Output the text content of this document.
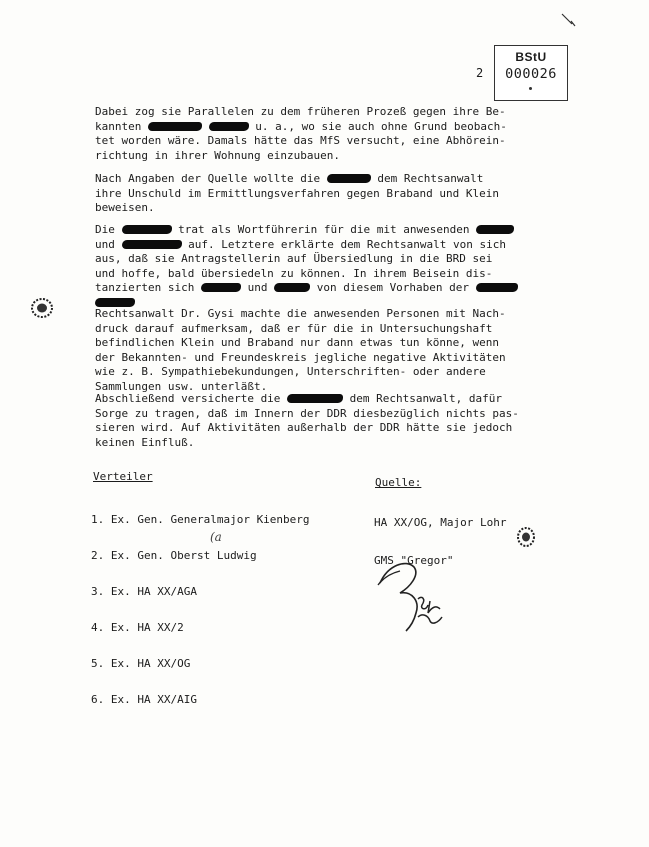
BStU
000026
2

Dabei zog sie Parallelen zu dem früheren Prozeß gegen ihre Be-

kannten	u. a., wo sie auch ohne Grund beobach-

tet worden wäre. Damals hätte das MfS versucht, eine Abhörein-

richtung in ihrer Wohnung einzubauen.

Nach Angaben der Quelle wollte die	dem Rechtsanwalt

ihre Unschuld im Ermittlungsverfahren gegen Braband und Klein

beweisen.

Die	trat als Wortführerin für die mit anwesenden

und	auf. Letztere erklärte dem Rechtsanwalt von sich

aus, daß sie Antragstellerin auf Übersiedlung in die BRD sei

und hoffe, bald übersiedeln zu können. In ihrem Beisein dis-

tanzierten sich	und	von diesem Vorhaben der

Rechtsanwalt Dr. Gysi machte die anwesenden Personen mit Nach-

druck darauf aufmerksam, daß er für die in Untersuchungshaft

befindlichen Klein und Braband nur dann etwas tun könne, wenn

der Bekannten- und Freundeskreis jegliche negative Aktivitäten

wie z. B. Sympathiebekundungen, Unterschriften- oder andere

Sammlungen usw. unterläßt.

Abschließend versicherte die	dem Rechtsanwalt, dafür

Sorge zu tragen, daß im Innern der DDR diesbezüglich nichts pas-

sieren wird. Auf Aktivitäten außerhalb der DDR hätte sie jedoch

keinen Einfluß.

Verteiler

1. Ex. Gen. Generalmajor Kienberg

2. Ex. Gen. Oberst Ludwig

3. Ex. HA XX/AGA

4. Ex. HA XX/2

5. Ex. HA XX/OG

6. Ex. HA XX/AIG

(a
Quelle:

HA XX/OG, Major Lohr

GMS "Gregor"
